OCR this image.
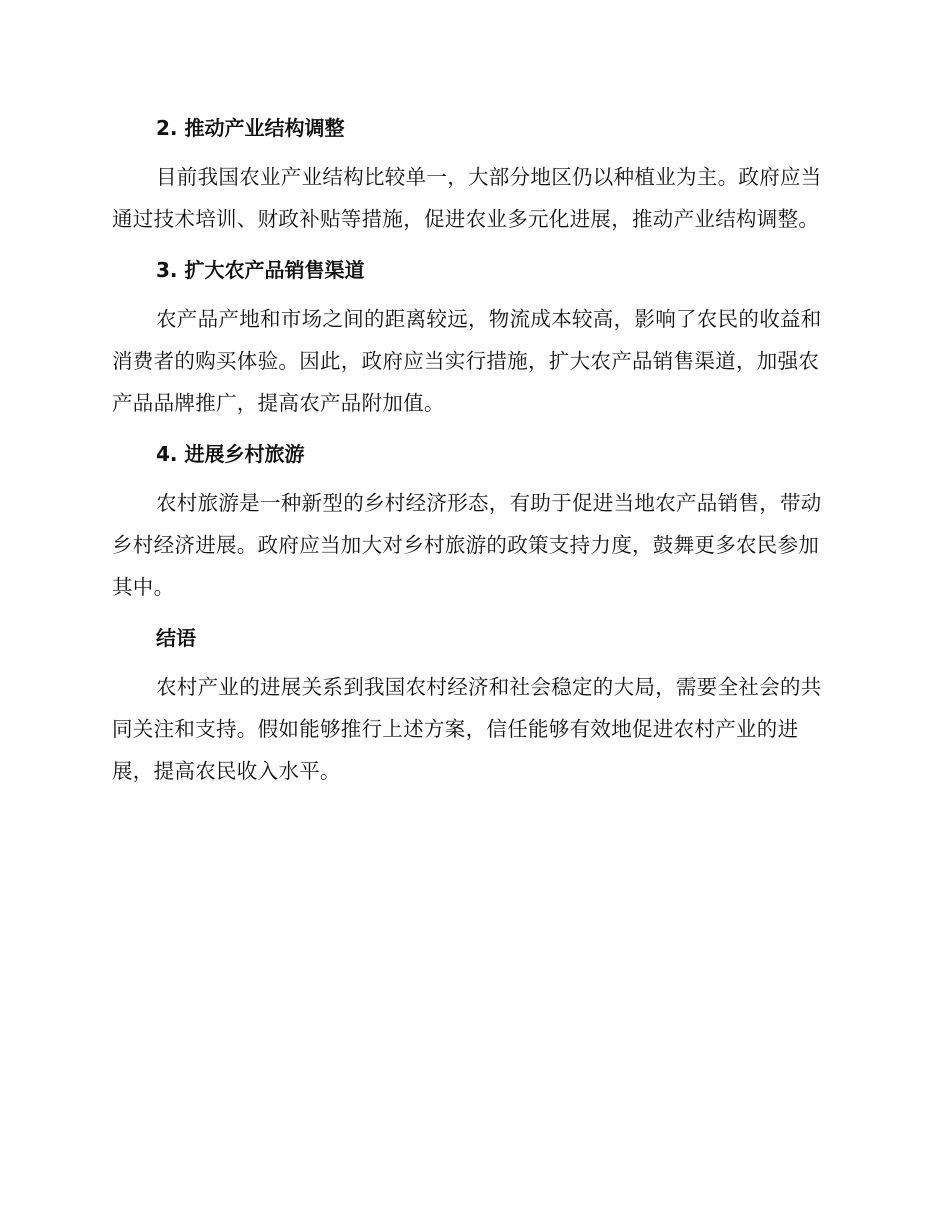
2. 推动产业结构调整

目前我国农业产业结构比较单一，大部分地区仍以种植业为主。政府应当通过技术培训、财政补贴等措施，促进农业多元化进展，推动产业结构调整。

3. 扩大农产品销售渠道

农产品产地和市场之间的距离较远，物流成本较高，影响了农民的收益和消费者的购买体验。因此，政府应当实行措施，扩大农产品销售渠道，加强农产品品牌推广，提高农产品附加值。

4. 进展乡村旅游

农村旅游是一种新型的乡村经济形态，有助于促进当地农产品销售，带动乡村经济进展。政府应当加大对乡村旅游的政策支持力度，鼓舞更多农民参加其中。

结语

农村产业的进展关系到我国农村经济和社会稳定的大局，需要全社会的共同关注和支持。假如能够推行上述方案，信任能够有效地促进农村产业的进展，提高农民收入水平。
